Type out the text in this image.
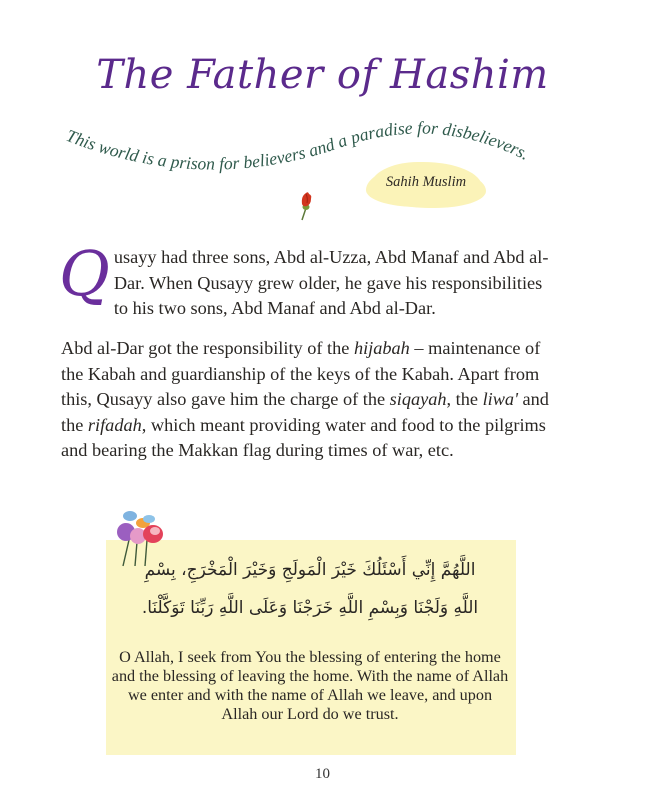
The Father of Hashim
This world is a prison for believers and a paradise for disbelievers.
Sahih Muslim
Q usayy had three sons, Abd al-Uzza, Abd Manaf and Abd al-Dar. When Qusayy grew older, he gave his responsibilities to his two sons, Abd Manaf and Abd al-Dar.
Abd al-Dar got the responsibility of the hijabah – maintenance of the Kabah and guardianship of the keys of the Kabah. Apart from this, Qusayy also gave him the charge of the siqayah, the liwa' and the rifadah, which meant providing water and food to the pilgrims and bearing the Makkan flag during times of war, etc.
اللَّهُمَّ إِنِّي أَسْئَلُكَ خَيْرَ الْمَولَجِ وَخَيْرَ الْمَخْرَجِ، بِسْمِ
اللَّهِ وَلَجْنَا وَبِسْمِ اللَّهِ خَرَجْنَا وَعَلَى اللَّهِ رَبِّنَا تَوَكَّلْنَا.
O Allah, I seek from You the blessing of entering the home and the blessing of leaving the home. With the name of Allah we enter and with the name of Allah we leave, and upon Allah our Lord do we trust.
10
